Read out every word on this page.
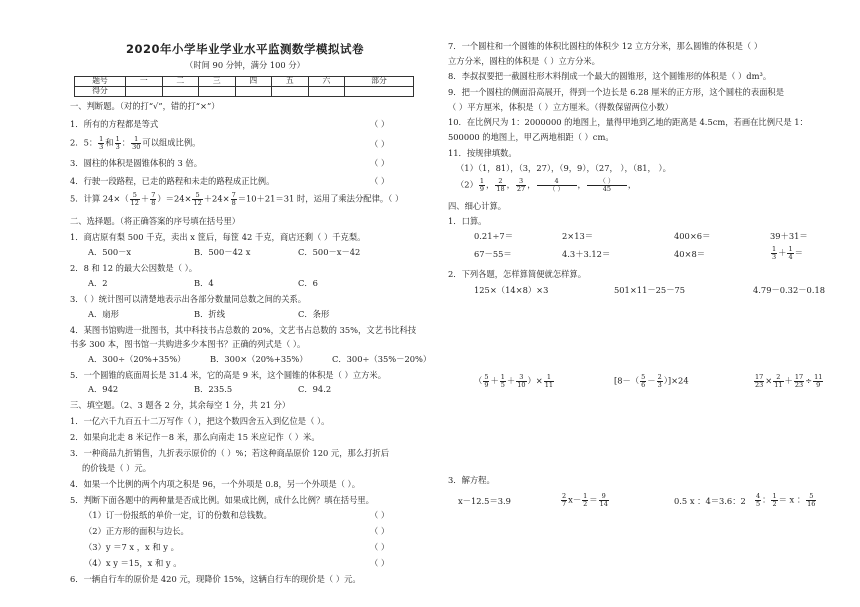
2020年小学毕业学业水平监测数学模拟试卷
（时间 90 分钟，满分 100 分）
题号	一	二	三	四	五	六	部分
得分							
一、判断题。（对的打“√”，错的打“×”）
1．所有的方程都是等式	（ ）
2．5： $\frac{1}{3}$ 和 $\frac{1}{3}$ ： $\frac{1}{30}$ 可以组成比例。	（ ）
3．圆柱的体积是圆锥体积的 3 倍。	（ ）
4．行驶一段路程，已走的路程和未走的路程成正比例。	（ ）
5．计算 $24\times( \frac{5}{12} + \frac{7}{8} )=24\times \frac{5}{12} +24\times \frac{7}{8} =10+21=31$ 时，运用了乘法分配律。（ ）
二、选择题。（将正确答案的序号填在括号里）
1．商店原有梨 500 千克，卖出 x 筐后，每筐 42 千克，商店还剩（ ）千克梨。
A．500－x	B．500－42 x	C．500－x－42
2．8 和 12 的最大公因数是（ ）。
A．2	B．4	C．6
3．（ ）统计图可以清楚地表示出各部分数量同总数之间的关系。
A．扇形	B．折线	C．条形
4．某图书馆购进一批图书，其中科技书占总数的 20%，文艺书占总数的 35%，文艺书比科技
书多 300 本，图书馆一共购进多少本图书？正确的列式是（ ）。
A．300÷（20%+35%）	B．300×（20%+35%）	C．300÷（35%－20%）
5．一个圆锥的底面周长是 31.4 米，它的高是 9 米，这个圆锥的体积是（ ）立方米。
A．942	B．235.5	C．94.2
三、填空题。（2、3 题各 2 分，其余每空 1 分，共 21 分）
1．一亿六千九百五十二万写作（ ），把这个数四舍五入到亿位是（ ）。
2．如果向北走 8 米记作－8 米，那么向南走 15 米应记作（ ）米。
3．一种商品九折销售，九折表示原价的（ ）%；若这种商品原价 120 元，那么打折后
的价钱是（ ）元。
4．如果一个比例的两个内项之积是 96，一个外项是 0.8，另一个外项是（ ）。
5．判断下面各题中的两种量是否成比例。如果成比例，成什么比例？填在括号里。
（1）订一份报纸的单价一定，订的份数和总钱数。	（ ）
（2）正方形的面积与边长。	（ ）
（3）y ＝7 x ，x 和 y 。	（ ）
（4）x y ＝15，x 和 y 。	（ ）
6．一辆自行车的原价是 420 元，现降价 15%，这辆自行车的现价是（ ）元。
7．一个圆柱和一个圆锥的体积比圆柱的体积少 12 立方分米，那么圆锥的体积是（ ）
立方分米，圆柱的体积是（ ）立方分米。
8．李叔叔要把一截圆柱形木料削成一个最大的圆锥形，这个圆锥形的体积是（ ）dm³。
9．把一个圆柱的侧面沿高展开，得到一个边长是 6.28 厘米的正方形，这个圆柱的表面积是
（ ）平方厘米，体积是（ ）立方厘米。（得数保留两位小数）
10．在比例尺为 1：2000000 的地图上，量得甲地到乙地的距离是 4.5cm，若画在比例尺是 1：
500000 的地图上，甲乙两地相距（ ）cm。
11．按规律填数。
（1）（1，81），（3，27），（9，9），（27， ），（81， ）。
$(2) \frac{1}{9}$ ， $\frac{2}{18}$ ， $\frac{3}{27}$ ， $\frac{4}{( )}$ ， $\frac{( )}{45}$ ，
四、细心计算。
1．口算。
0.21÷7＝	2×13＝	400×6＝	39＋31＝
67－55＝	4.3＋3.12＝	40×8＝	$\frac{1}{3} + \frac{1}{4}$ ＝
2．下列各题，怎样算简便就怎样算。
125×（14×8）×3	501×11－25－75	4.79－0.32－0.18
（ $\frac{5}{9} + \frac{1}{5} + \frac{3}{10}$ ）× $\frac{1}{11}$	$[8-( \frac{5}{6} - \frac{2}{3} )]\times 24$	$\frac{17}{23} \times \frac{2}{11} + \frac{17}{23} \div \frac{11}{9}$
3．解方程。
x－12.5＝3.9	$\frac{2}{7} x- \frac{1}{2} = \frac{9}{14}$	0.5 x ：4＝3.6：$2 \frac{4}{5}$ ： $\frac{1}{2} = x$ ： $\frac{5}{16}$
